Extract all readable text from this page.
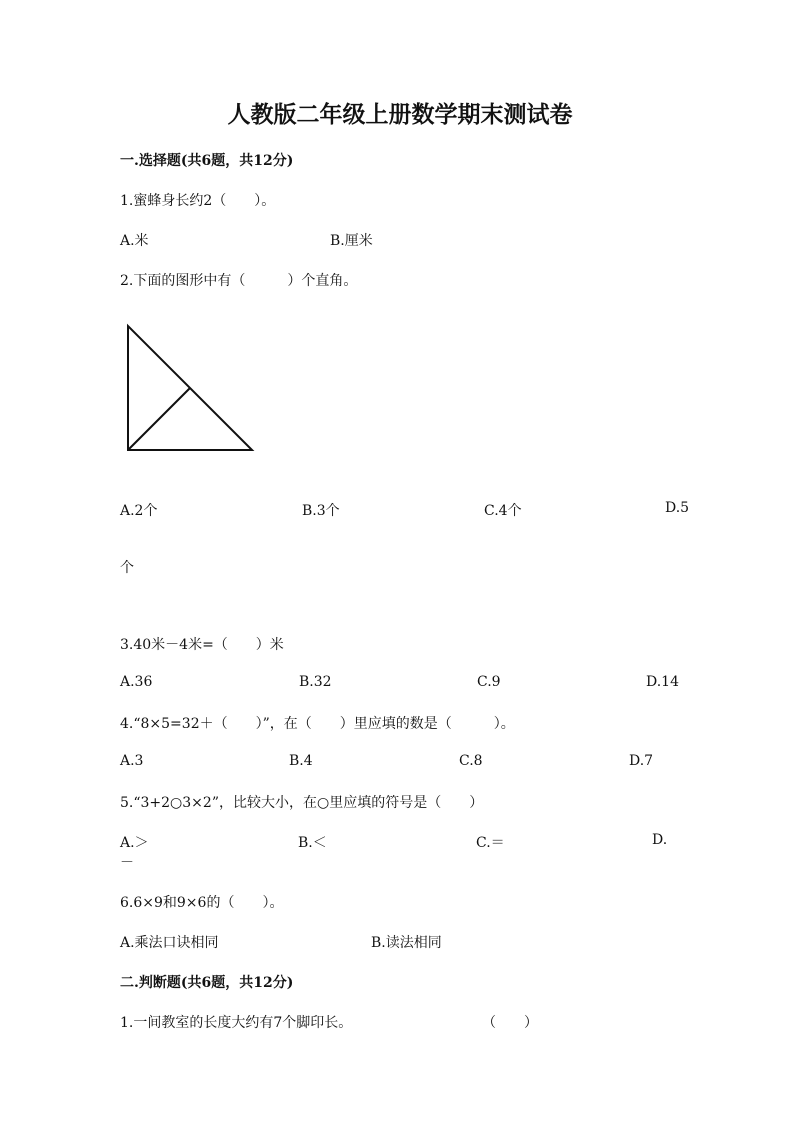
人教版二年级上册数学期末测试卷
一.选择题(共6题，共12分)
1.蜜蜂身长约2（　　）。
A.米	B.厘米
2.下面的图形中有（　　　）个直角。
A.2个	B.3个	C.4个	D.5
个
3.40米－4米=（　　）米
A.36	B.32	C.9	D.14
4.“8×5=32＋（　　）”，在（　　）里应填的数是（　　　）。
A.3	B.4	C.8	D.7
5.“3+2○3×2”，比较大小，在○里应填的符号是（　　）
A.＞	B.＜	C.＝	D.
－
6.6×9和9×6的（　　）。
A.乘法口诀相同	B.读法相同
二.判断题(共6题，共12分)
1.一间教室的长度大约有7个脚印长。	（　　）
